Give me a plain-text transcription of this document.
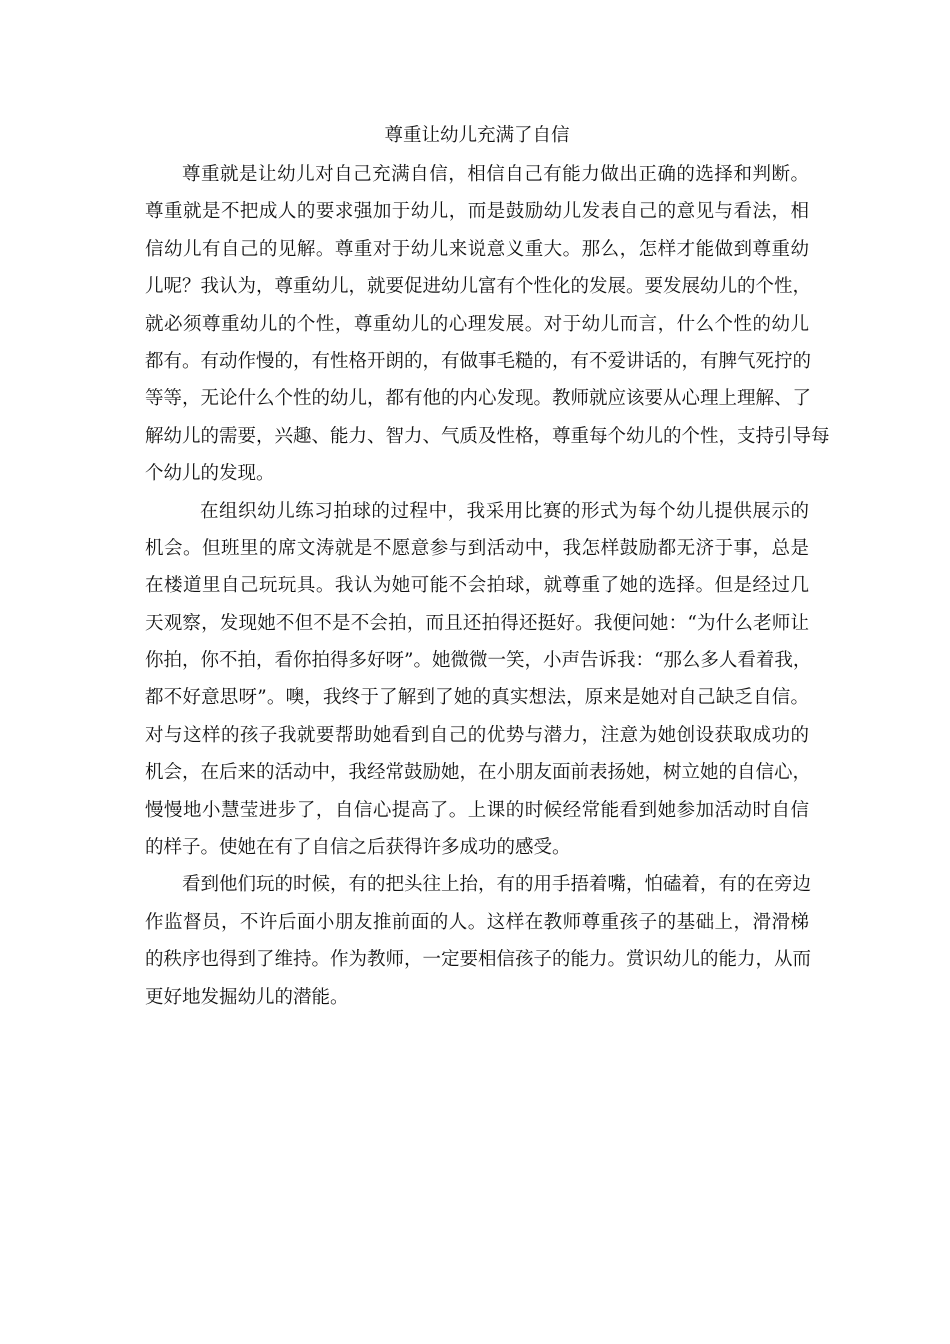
尊重让幼儿充满了自信
尊重就是让幼儿对自己充满自信，相信自己有能力做出正确的选择和判断。
尊重就是不把成人的要求强加于幼儿，而是鼓励幼儿发表自己的意见与看法，相
信幼儿有自己的见解。尊重对于幼儿来说意义重大。那么，怎样才能做到尊重幼
儿呢？我认为，尊重幼儿，就要促进幼儿富有个性化的发展。要发展幼儿的个性，
就必须尊重幼儿的个性，尊重幼儿的心理发展。对于幼儿而言，什么个性的幼儿
都有。有动作慢的，有性格开朗的，有做事毛糙的，有不爱讲话的，有脾气死拧的
等等，无论什么个性的幼儿，都有他的内心发现。教师就应该要从心理上理解、了
解幼儿的需要，兴趣、能力、智力、气质及性格，尊重每个幼儿的个性，支持引导每
个幼儿的发现。
在组织幼儿练习拍球的过程中，我采用比赛的形式为每个幼儿提供展示的
机会。但班里的席文涛就是不愿意参与到活动中，我怎样鼓励都无济于事，总是
在楼道里自己玩玩具。我认为她可能不会拍球，就尊重了她的选择。但是经过几
天观察，发现她不但不是不会拍，而且还拍得还挺好。我便问她：“为什么老师让
你拍，你不拍，看你拍得多好呀”。她微微一笑，小声告诉我：“那么多人看着我，
都不好意思呀”。噢，我终于了解到了她的真实想法，原来是她对自己缺乏自信。
对与这样的孩子我就要帮助她看到自己的优势与潜力，注意为她创设获取成功的
机会，在后来的活动中，我经常鼓励她，在小朋友面前表扬她，树立她的自信心，
慢慢地小慧莹进步了，自信心提高了。上课的时候经常能看到她参加活动时自信
的样子。使她在有了自信之后获得许多成功的感受。
看到他们玩的时候，有的把头往上抬，有的用手捂着嘴，怕磕着，有的在旁边
作监督员，不许后面小朋友推前面的人。这样在教师尊重孩子的基础上，滑滑梯
的秩序也得到了维持。作为教师，一定要相信孩子的能力。赏识幼儿的能力，从而
更好地发掘幼儿的潜能。
